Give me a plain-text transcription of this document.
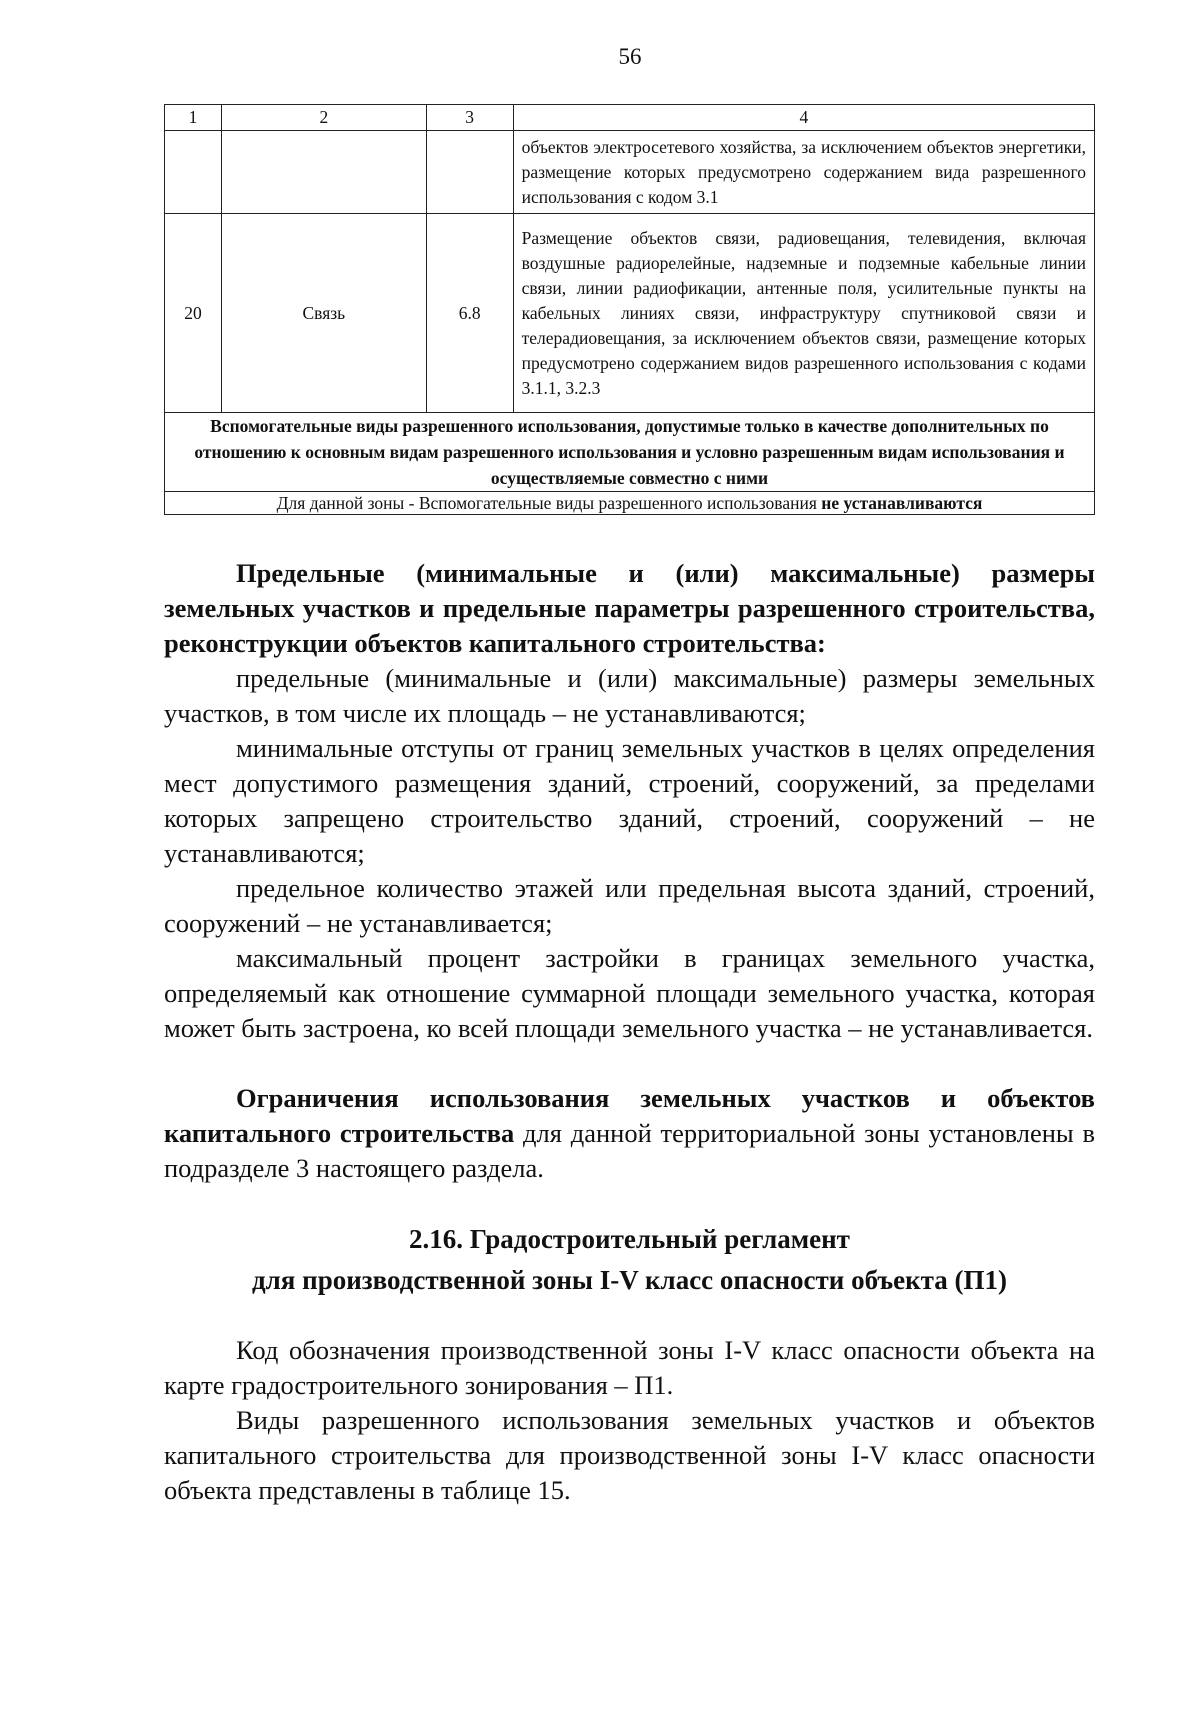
56
1	2	3	4
			объектов электросетевого хозяйства, за исключением объектов энергетики, размещение которых предусмотрено содержанием вида разрешенного использования с кодом 3.1
20	Связь	6.8	Размещение объектов связи, радиовещания, телевидения, включая воздушные радиорелейные, надземные и подземные кабельные линии связи, линии радиофикации, антенные поля, усилительные пункты на кабельных линиях связи, инфраструктуру спутниковой связи и телерадиовещания, за исключением объектов связи, размещение которых предусмотрено содержанием видов разрешенного использования с кодами 3.1.1, 3.2.3
Вспомогательные виды разрешенного использования, допустимые только в качестве дополнительных по отношению к основным видам разрешенного использования и условно разрешенным видам использования и осуществляемые совместно с ними			
Для данной зоны - Вспомогательные виды разрешенного использования не устанавливаются			

Предельные (минимальные и (или) максимальные) размеры земельных участков и предельные параметры разрешенного строительства, реконструкции объектов капитального строительства:

предельные (минимальные и (или) максимальные) размеры земельных участков, в том числе их площадь – не устанавливаются;

минимальные отступы от границ земельных участков в целях определения мест допустимого размещения зданий, строений, сооружений, за пределами которых запрещено строительство зданий, строений, сооружений – не устанавливаются;

предельное количество этажей или предельная высота зданий, строений, сооружений – не устанавливается;

максимальный процент застройки в границах земельного участка, определяемый как отношение суммарной площади земельного участка, которая может быть застроена, ко всей площади земельного участка – не устанавливается.

Ограничения использования земельных участков и объектов капитального строительства для данной территориальной зоны установлены в подразделе 3 настоящего раздела.

2.16. Градостроительный регламент

для производственной зоны I-V класс опасности объекта (П1)

Код обозначения производственной зоны I-V класс опасности объекта на карте градостроительного зонирования – П1.

Виды разрешенного использования земельных участков и объектов капитального строительства для производственной зоны I-V класс опасности объекта представлены в таблице 15.
